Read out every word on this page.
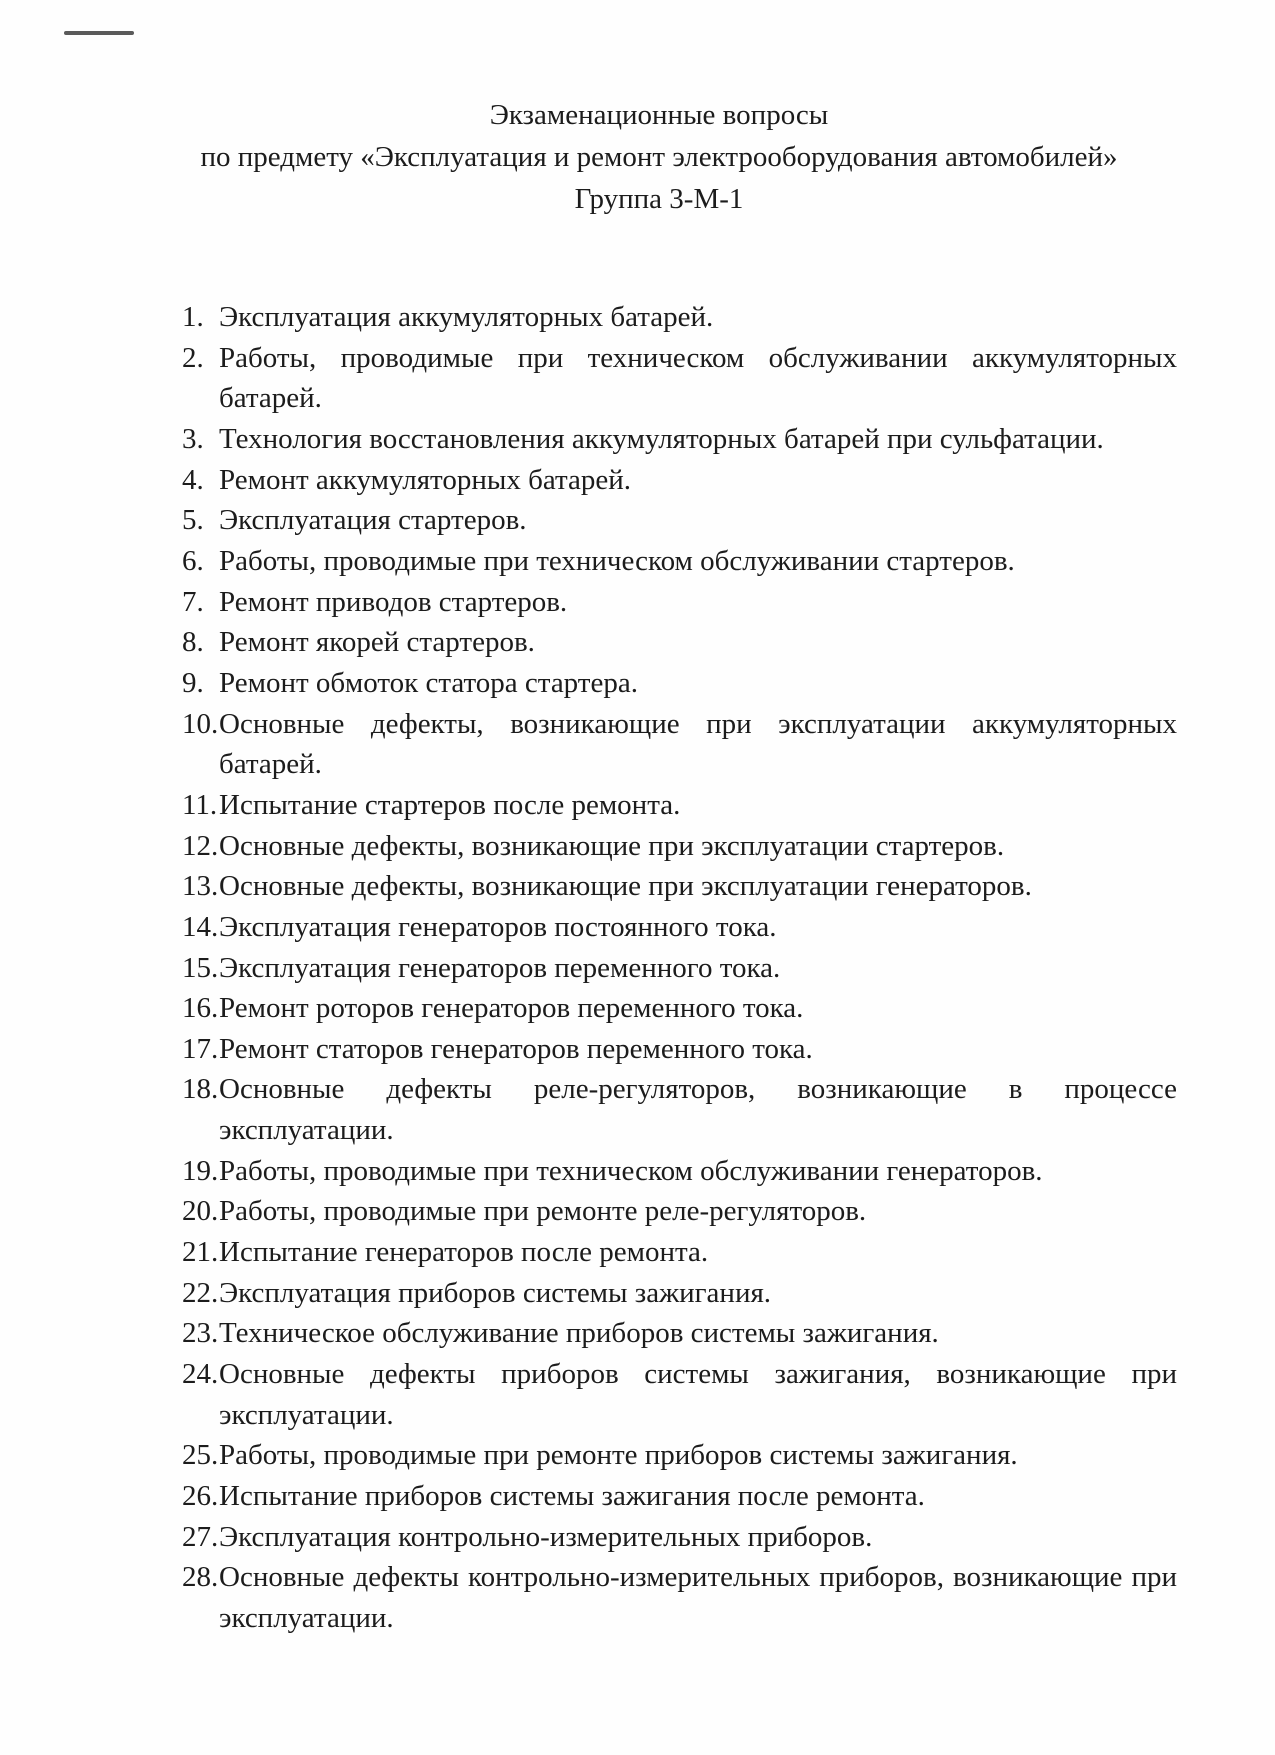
Экзаменационные вопросы
по предмету «Эксплуатация и ремонт электрооборудования автомобилей»
Группа 3-М-1
1. Эксплуатация аккумуляторных батарей.
2. Работы, проводимые при техническом обслуживании аккумуляторных
батарей.
3. Технология восстановления аккумуляторных батарей при сульфатации.
4. Ремонт аккумуляторных батарей.
5. Эксплуатация стартеров.
6. Работы, проводимые при техническом обслуживании стартеров.
7. Ремонт приводов стартеров.
8. Ремонт якорей стартеров.
9. Ремонт обмоток статора стартера.
10. Основные дефекты, возникающие при эксплуатации аккумуляторных
батарей.
11. Испытание стартеров после ремонта.
12. Основные дефекты, возникающие при эксплуатации стартеров.
13. Основные дефекты, возникающие при эксплуатации генераторов.
14. Эксплуатация генераторов постоянного тока.
15. Эксплуатация генераторов переменного тока.
16. Ремонт роторов генераторов переменного тока.
17. Ремонт статоров генераторов переменного тока.
18. Основные дефекты реле-регуляторов, возникающие в процессе
эксплуатации.
19. Работы, проводимые при техническом обслуживании генераторов.
20. Работы, проводимые при ремонте реле-регуляторов.
21. Испытание генераторов после ремонта.
22. Эксплуатация приборов системы зажигания.
23. Техническое обслуживание приборов системы зажигания.
24. Основные дефекты приборов системы зажигания, возникающие при
эксплуатации.
25. Работы, проводимые при ремонте приборов системы зажигания.
26. Испытание приборов системы зажигания после ремонта.
27. Эксплуатация контрольно-измерительных приборов.
28. Основные дефекты контрольно-измерительных приборов, возникающие при
эксплуатации.
